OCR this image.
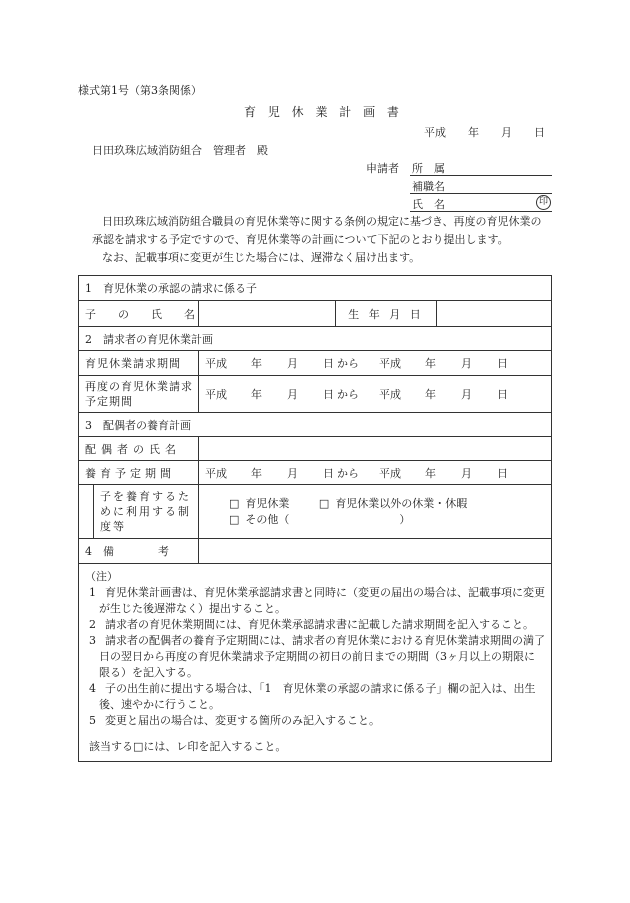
様式第1号（第3条関係）
育 児 休 業 計 画 書
平成　　年　　月　　日
日田玖珠広域消防組合　管理者　殿
申請者 所　属
補職名
氏　名	印
日田玖珠広域消防組合職員の育児休業等に関する条例の規定に基づき、再度の育児休業の承認を請求する予定ですので、育児休業等の計画について下記のとおり提出します。
なお、記載事項に変更が生じた場合には、遅滞なく届け出ます。
1　育児休業の承認の請求に係る子
子　　の　　氏　　名	生 年 月 日
2　請求者の育児休業計画
育児休業請求期間	平成	年	月	日 から	平成	年	月	日
再度の育児休業請求予定期間
平成	年	月	日 から	平成	年	月	日
3　配偶者の養育計画
配偶者の氏名
養育予定期間	平成	年	月	日 から	平成	年	月	日
子を養育するために利用する制度等
□ 育児休業	□ 育児休業以外の休業・休暇
□ その他（	）
4　備　　　　考
（注）
1 育児休業計画書は、育児休業承認請求書と同時に（変更の届出の場合は、記載事項に変更が生じた後遅滞なく）提出すること。
2 請求者の育児休業期間には、育児休業承認請求書に記載した請求期間を記入すること。
3 請求者の配偶者の養育予定期間には、請求者の育児休業における育児休業請求期間の満了日の翌日から再度の育児休業請求予定期間の初日の前日までの期間（3ヶ月以上の期限に限る）を記入する。
4 子の出生前に提出する場合は、「1　育児休業の承認の請求に係る子」欄の記入は、出生後、速やかに行うこと。
5 変更と届出の場合は、変更する箇所のみ記入すること。
該当する□には、レ印を記入すること。
